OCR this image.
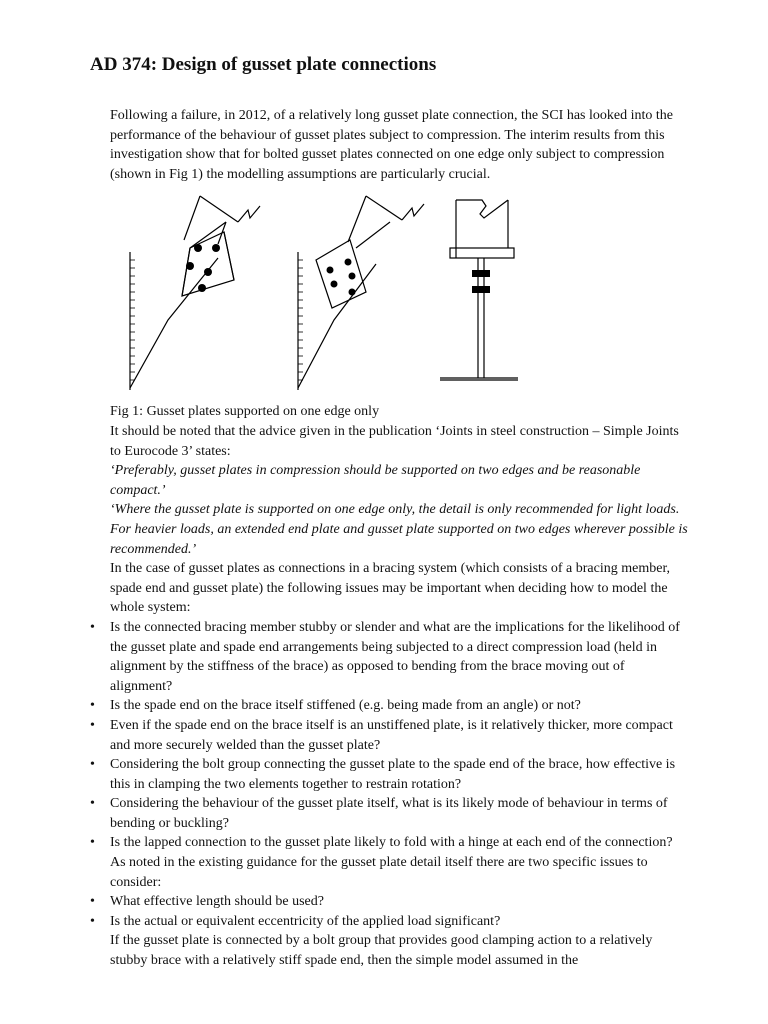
AD 374: Design of gusset plate connections

Following a failure, in 2012, of a relatively long gusset plate connection, the SCI has looked into the performance of the behaviour of gusset plates subject to compression. The interim results from this investigation show that for bolted gusset plates connected on one edge only subject to compression (shown in Fig 1) the modelling assumptions are particularly crucial.

Fig 1: Gusset plates supported on one edge only

It should be noted that the advice given in the publication ‘Joints in steel construction – Simple Joints to Eurocode 3’ states:

‘Preferably, gusset plates in compression should be supported on two edges and be reasonable compact.’

‘Where the gusset plate is supported on one edge only, the detail is only recommended for light loads. For heavier loads, an extended end plate and gusset plate supported on two edges wherever possible is recommended.’

In the case of gusset plates as connections in a bracing system (which consists of a bracing member, spade end and gusset plate) the following issues may be important when deciding how to model the whole system:

• Is the connected bracing member stubby or slender and what are the implications for the likelihood of the gusset plate and spade end arrangements being subjected to a direct compression load (held in alignment by the stiffness of the brace) as opposed to bending from the brace moving out of alignment?
• Is the spade end on the brace itself stiffened (e.g. being made from an angle) or not?
• Even if the spade end on the brace itself is an unstiffened plate, is it relatively thicker, more compact and more securely welded than the gusset plate?
• Considering the bolt group connecting the gusset plate to the spade end of the brace, how effective is this in clamping the two elements together to restrain rotation?
• Considering the behaviour of the gusset plate itself, what is its likely mode of behaviour in terms of bending or buckling?
• Is the lapped connection to the gusset plate likely to fold with a hinge at each end of the connection?

As noted in the existing guidance for the gusset plate detail itself there are two specific issues to consider:

• What effective length should be used?
• Is the actual or equivalent eccentricity of the applied load significant?

If the gusset plate is connected by a bolt group that provides good clamping action to a relatively stubby brace with a relatively stiff spade end, then the simple model assumed in the
